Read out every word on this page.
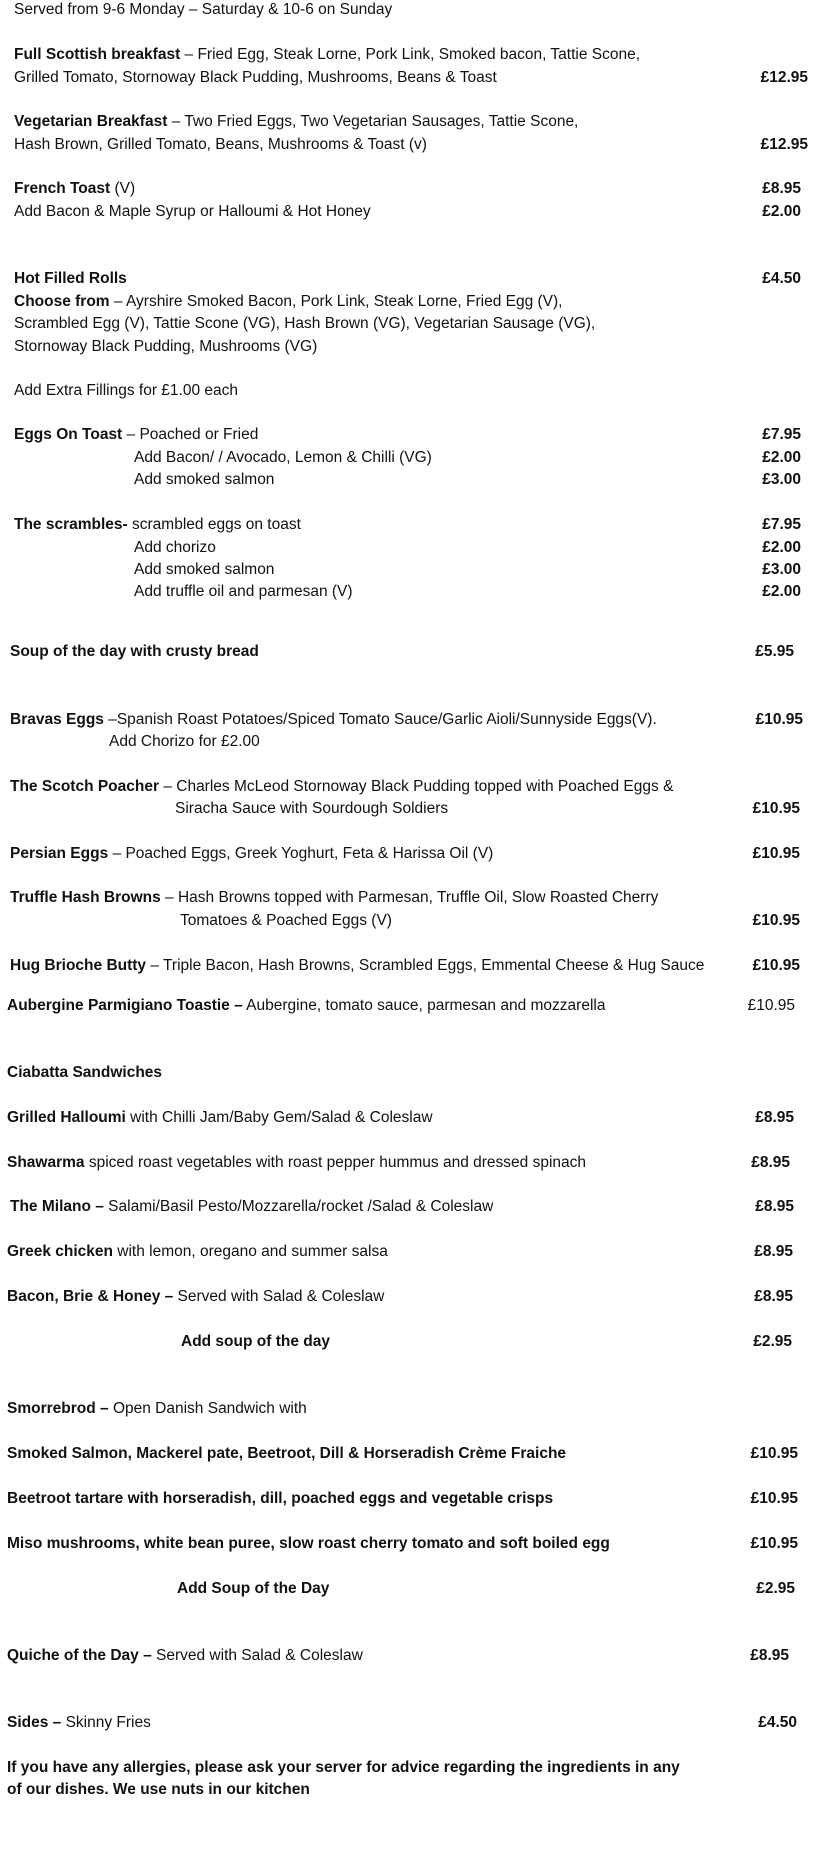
Served from 9-6 Monday – Saturday & 10-6 on Sunday
Full Scottish breakfast – Fried Egg, Steak Lorne, Pork Link, Smoked bacon, Tattie Scone,
Grilled Tomato, Stornoway Black Pudding, Mushrooms, Beans & Toast	£12.95
Vegetarian Breakfast – Two Fried Eggs, Two Vegetarian Sausages, Tattie Scone,
Hash Brown, Grilled Tomato, Beans, Mushrooms & Toast (v)	£12.95
French Toast (V)	£8.95
Add Bacon & Maple Syrup or Halloumi & Hot Honey	£2.00
Hot Filled Rolls	£4.50
Choose from – Ayrshire Smoked Bacon, Pork Link, Steak Lorne, Fried Egg (V),
Scrambled Egg (V), Tattie Scone (VG), Hash Brown (VG), Vegetarian Sausage (VG),
Stornoway Black Pudding, Mushrooms (VG)
Add Extra Fillings for £1.00 each
Eggs On Toast – Poached or Fried	£7.95
Add Bacon/ / Avocado, Lemon & Chilli (VG)	£2.00
Add smoked salmon	£3.00
The scrambles- scrambled eggs on toast	£7.95
Add chorizo	£2.00
Add smoked salmon	£3.00
Add truffle oil and parmesan (V)	£2.00
Soup of the day with crusty bread	£5.95
Bravas Eggs –Spanish Roast Potatoes/Spiced Tomato Sauce/Garlic Aioli/Sunnyside Eggs(V).	£10.95
Add Chorizo for £2.00
The Scotch Poacher – Charles McLeod Stornoway Black Pudding topped with Poached Eggs &
Siracha Sauce with Sourdough Soldiers	£10.95
Persian Eggs – Poached Eggs, Greek Yoghurt, Feta & Harissa Oil (V)	£10.95
Truffle Hash Browns – Hash Browns topped with Parmesan, Truffle Oil, Slow Roasted Cherry
Tomatoes & Poached Eggs (V)	£10.95
Hug Brioche Butty – Triple Bacon, Hash Browns, Scrambled Eggs, Emmental Cheese & Hug Sauce	£10.95
Aubergine Parmigiano Toastie – Aubergine, tomato sauce, parmesan and mozzarella	£10.95
Ciabatta Sandwiches
Grilled Halloumi with Chilli Jam/Baby Gem/Salad & Coleslaw	£8.95
Shawarma spiced roast vegetables with roast pepper hummus and dressed spinach	£8.95
The Milano – Salami/Basil Pesto/Mozzarella/rocket /Salad & Coleslaw	£8.95
Greek chicken with lemon, oregano and summer salsa	£8.95
Bacon, Brie & Honey – Served with Salad & Coleslaw	£8.95
Add soup of the day	£2.95
Smorrebrod – Open Danish Sandwich with
Smoked Salmon, Mackerel pate, Beetroot, Dill & Horseradish Crème Fraiche	£10.95
Beetroot tartare with horseradish, dill, poached eggs and vegetable crisps	£10.95
Miso mushrooms, white bean puree, slow roast cherry tomato and soft boiled egg	£10.95
Add Soup of the Day	£2.95
Quiche of the Day – Served with Salad & Coleslaw	£8.95
Sides – Skinny Fries	£4.50
If you have any allergies, please ask your server for advice regarding the ingredients in any
of our dishes. We use nuts in our kitchen
